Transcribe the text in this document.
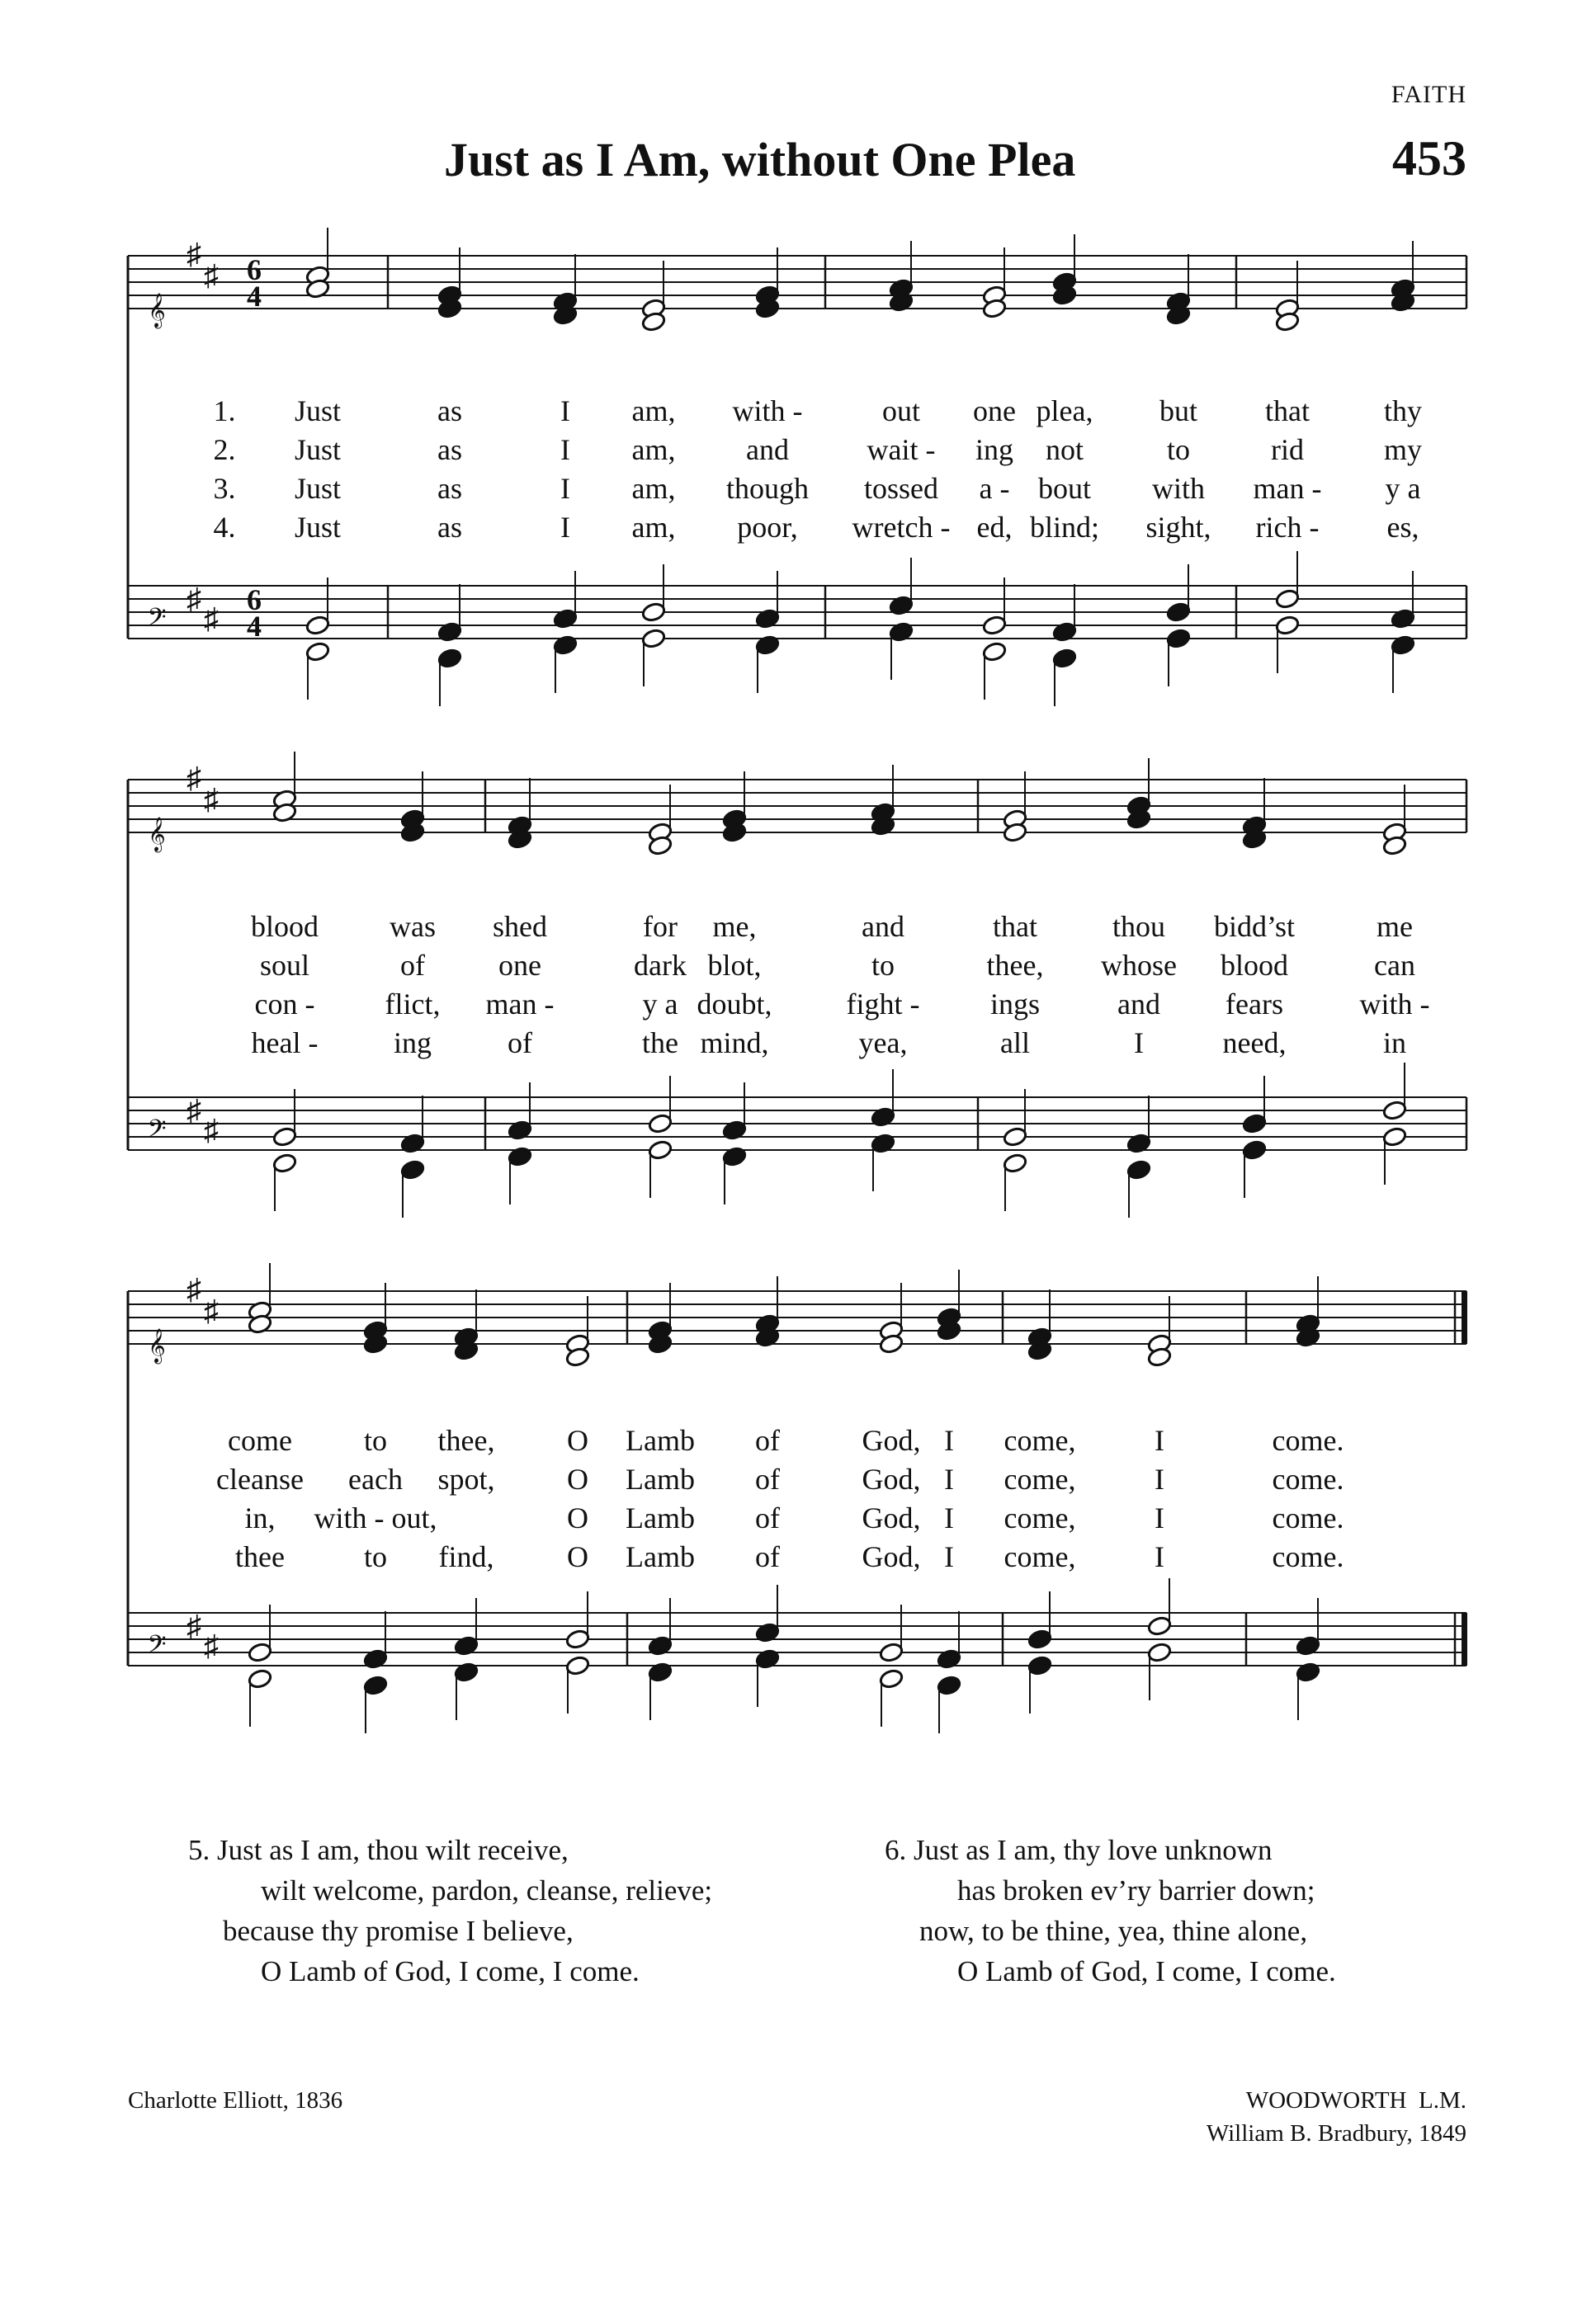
FAITH
Just as I Am, without One Plea	453
𝄞
𝄢
♯
♯
♯
♯
6
4
6
4
1. Just	as	I am, with -	out one plea, but that	thy
2. Just	as	I am, and	wait - ing not	to	rid	my
3. Just	as	I am, though tossed a - bout with man - y a
4. Just	as	I am, poor, wretch - ed, blind; sight, rich - es,
𝄞
𝄢
♯
♯
♯
♯
blood was shed	for me,	and	that	thou bidd’st	me
soul	of one	dark blot,	to	thee, whose blood	can
con - flict, man -	y a doubt,	fight - ings	and fears	with -
heal -	ing	of	the mind,	yea,	all	I	need,	in
𝄞
𝄢
♯
♯
♯
♯
come to thee, O Lamb of	God, I come,	I	come.
cleanse each spot, O Lamb of	God, I come,	I	come.
in, with - out,	O Lamb of	God, I come,	I	come.
thee	to find, O Lamb of	God, I come,	I	come.
5. Just as I am, thou wilt receive,
wilt welcome, pardon, cleanse, relieve;
because thy promise I believe,
O Lamb of God, I come, I come.
6. Just as I am, thy love unknown
has broken ev’ry barrier down;
now, to be thine, yea, thine alone,
O Lamb of God, I come, I come.
Charlotte Elliott, 1836	WOODWORTH  L.M.
William B. Bradbury, 1849
